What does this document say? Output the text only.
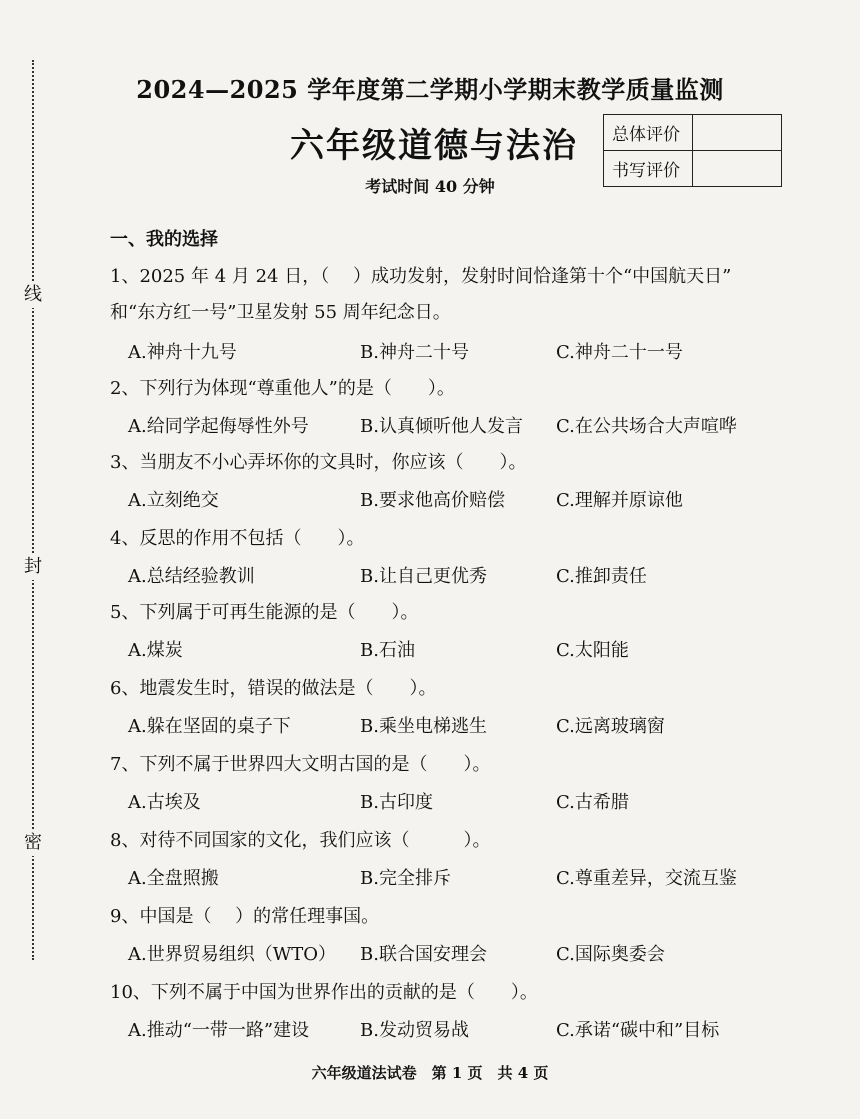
线
封
密
2024—2025 学年度第二学期小学期末教学质量监测
六年级道德与法治 总体评价	
书写评价	
考试时间 40 分钟
一、我的选择
1、2025 年 4 月 24 日，（　 ）成功发射，发射时间恰逢第十个“中国航天日”
和“东方红一号”卫星发射 55 周年纪念日。
A.神舟十九号	B.神舟二十号	C.神舟二十一号
2、下列行为体现“尊重他人”的是（　　）。
A.给同学起侮辱性外号	B.认真倾听他人发言 C.在公共场合大声喧哗
3、当朋友不小心弄坏你的文具时，你应该（　　）。
A.立刻绝交	B.要求他高价赔偿	C.理解并原谅他
4、反思的作用不包括（　　）。
A.总结经验教训	B.让自己更优秀	C.推卸责任
5、下列属于可再生能源的是（　　）。
A.煤炭	B.石油	C.太阳能
6、地震发生时，错误的做法是（　　）。
A.躲在坚固的桌子下	B.乘坐电梯逃生	C.远离玻璃窗
7、下列不属于世界四大文明古国的是（　　）。
A.古埃及	B.古印度	C.古希腊
8、对待不同国家的文化，我们应该（　　　）。
A.全盘照搬	B.完全排斥	C.尊重差异，交流互鉴
9、中国是（　 ）的常任理事国。
A.世界贸易组织（WTO） B.联合国安理会	C.国际奥委会
10、下列不属于中国为世界作出的贡献的是（　　）。
A.推动“一带一路”建设	B.发动贸易战	C.承诺“碳中和”目标
六年级道法试卷　第 1 页　共 4 页
